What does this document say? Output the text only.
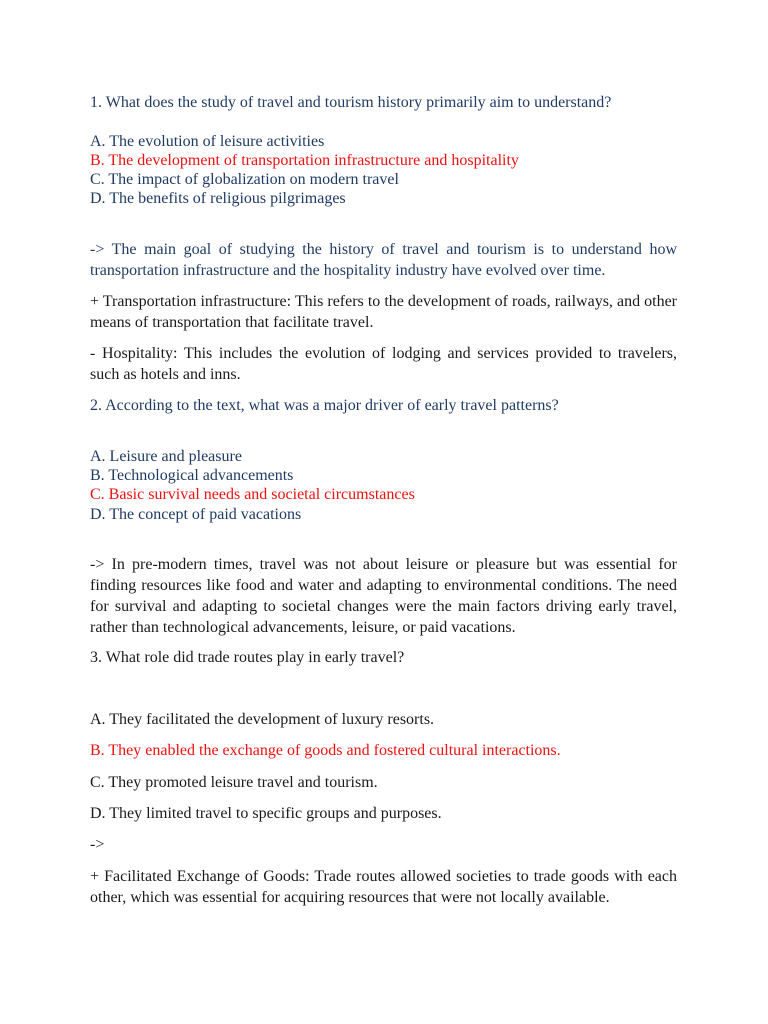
1. What does the study of travel and tourism history primarily aim to understand?
A. The evolution of leisure activities
B. The development of transportation infrastructure and hospitality
C. The impact of globalization on modern travel
D. The benefits of religious pilgrimages
-> The main goal of studying the history of travel and tourism is to understand how transportation infrastructure and the hospitality industry have evolved over time.
+ Transportation infrastructure: This refers to the development of roads, railways, and other means of transportation that facilitate travel.
- Hospitality: This includes the evolution of lodging and services provided to travelers, such as hotels and inns.
2. According to the text, what was a major driver of early travel patterns?
A. Leisure and pleasure
B. Technological advancements
C. Basic survival needs and societal circumstances
D. The concept of paid vacations
-> In pre-modern times, travel was not about leisure or pleasure but was essential for finding resources like food and water and adapting to environmental conditions. The need for survival and adapting to societal changes were the main factors driving early travel, rather than technological advancements, leisure, or paid vacations.
3. What role did trade routes play in early travel?
A. They facilitated the development of luxury resorts.
B. They enabled the exchange of goods and fostered cultural interactions.
C. They promoted leisure travel and tourism.
D. They limited travel to specific groups and purposes.
->
+ Facilitated Exchange of Goods: Trade routes allowed societies to trade goods with each other, which was essential for acquiring resources that were not locally available.
